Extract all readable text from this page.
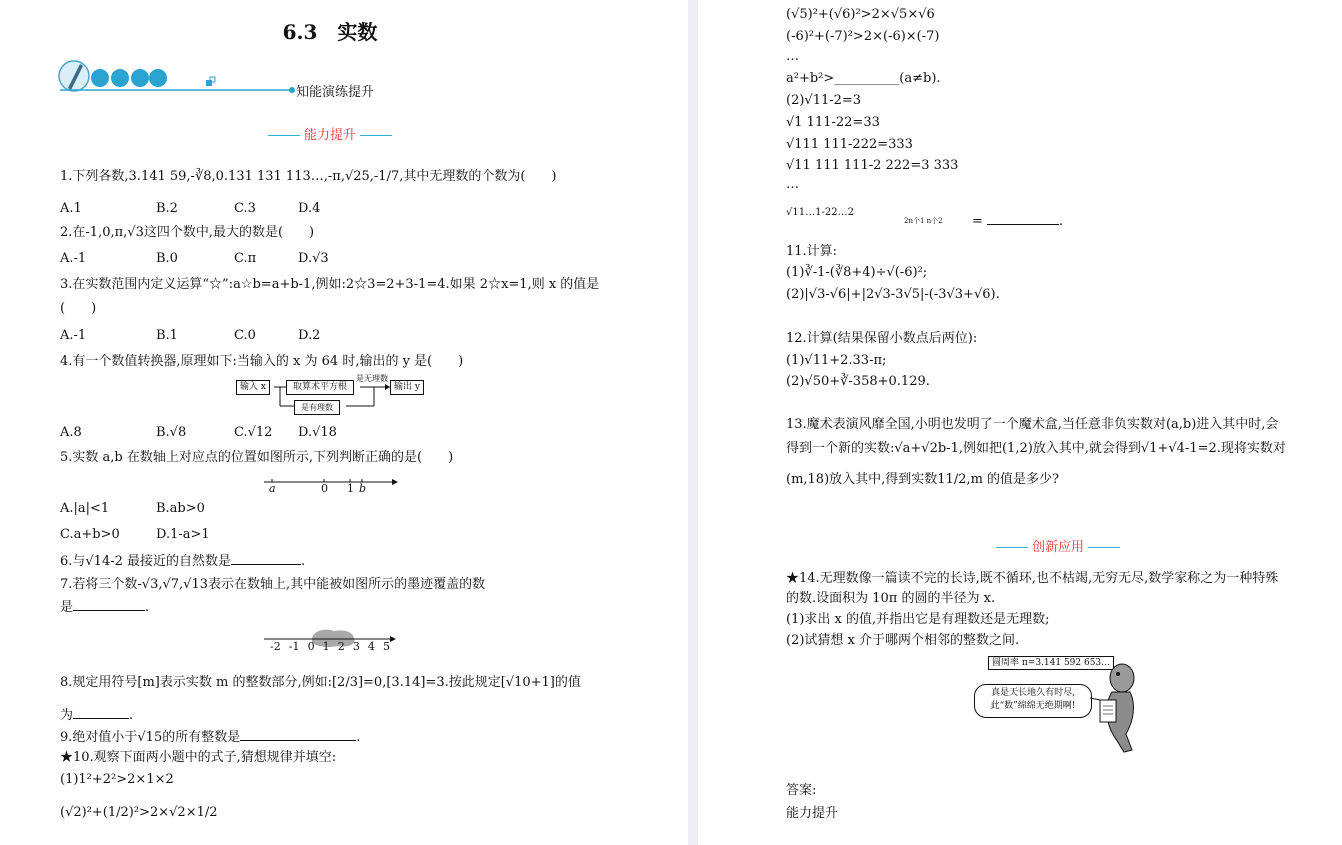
6.3　实数
知能演练提升
能力提升
1.下列各数,3.141 59,-∛8,0.131 131 113…,-π,√25,-1/7,其中无理数的个数为(　　)
A.1	B.2	C.3	D.4
2.在-1,0,π,√3这四个数中,最大的数是(　　)
A.-1	B.0	C.π	D.√3
3.在实数范围内定义运算“☆”:a☆b=a+b-1,例如:2☆3=2+3-1=4.如果 2☆x=1,则 x 的值是
(　　)
A.-1	B.1	C.0	D.2
4.有一个数值转换器,原理如下:当输入的 x 为 64 时,输出的 y 是(　　)
输入 x	取算术平方根
是无理数
输出 y
是有理数
A.8	B.√8	C.√12 D.√18
5.实数 a,b 在数轴上对应点的位置如图所示,下列判断正确的是(　　)
a	0 1 b
A.|a|<1	B.ab>0
C.a+b>0	D.1-a>1
6.与√14-2 最接近的自然数是	.
7.若将三个数-√3,√7,√13表示在数轴上,其中能被如图所示的墨迹覆盖的数
是	.
-2 -1 0 1 2 3 4 5
8.规定用符号[m]表示实数 m 的整数部分,例如:[2/3]=0,[3.14]=3.按此规定[√10+1]的值
为	.
9.绝对值小于√15的所有整数是	.
★10.观察下面两小题中的式子,猜想规律并填空:
(1)1²+2²>2×1×2
(√2)²+(1/2)²>2×√2×1/2
(√5)²+(√6)²>2×√5×√6
(-6)²+(-7)²>2×(-6)×(-7)
…
a²+b²>__________(a≠b).
(2)√11-2=3
√1 111-22=33
√111 111-222=333
√11 111 111-2 222=3 333
…
√11…1-22…2
2n个1 n个2 =	.
11.计算:
(1)∛-1-(∛8+4)÷√(-6)²;
(2)|√3-√6|+|2√3-3√5|-(-3√3+√6).
12.计算(结果保留小数点后两位):
(1)√11+2.33-π;
(2)√50+∛-358+0.129.
13.魔术表演风靡全国,小明也发明了一个魔术盒,当任意非负实数对(a,b)进入其中时,会
得到一个新的实数:√a+√2b-1,例如把(1,2)放入其中,就会得到√1+√4-1=2.现将实数对
(m,18)放入其中,得到实数11/2,m 的值是多少?
创新应用
★14.无理数像一篇读不完的长诗,既不循环,也不枯竭,无穷无尽,数学家称之为一种特殊
的数.设面积为 10π 的圆的半径为 x.
(1)求出 x 的值,并指出它是有理数还是无理数;
(2)试猜想 x 介于哪两个相邻的整数之间.
圆周率 π=3.141 592 653…
真是天长地久有时尽,
此“数”绵绵无绝期啊!
答案:
能力提升
